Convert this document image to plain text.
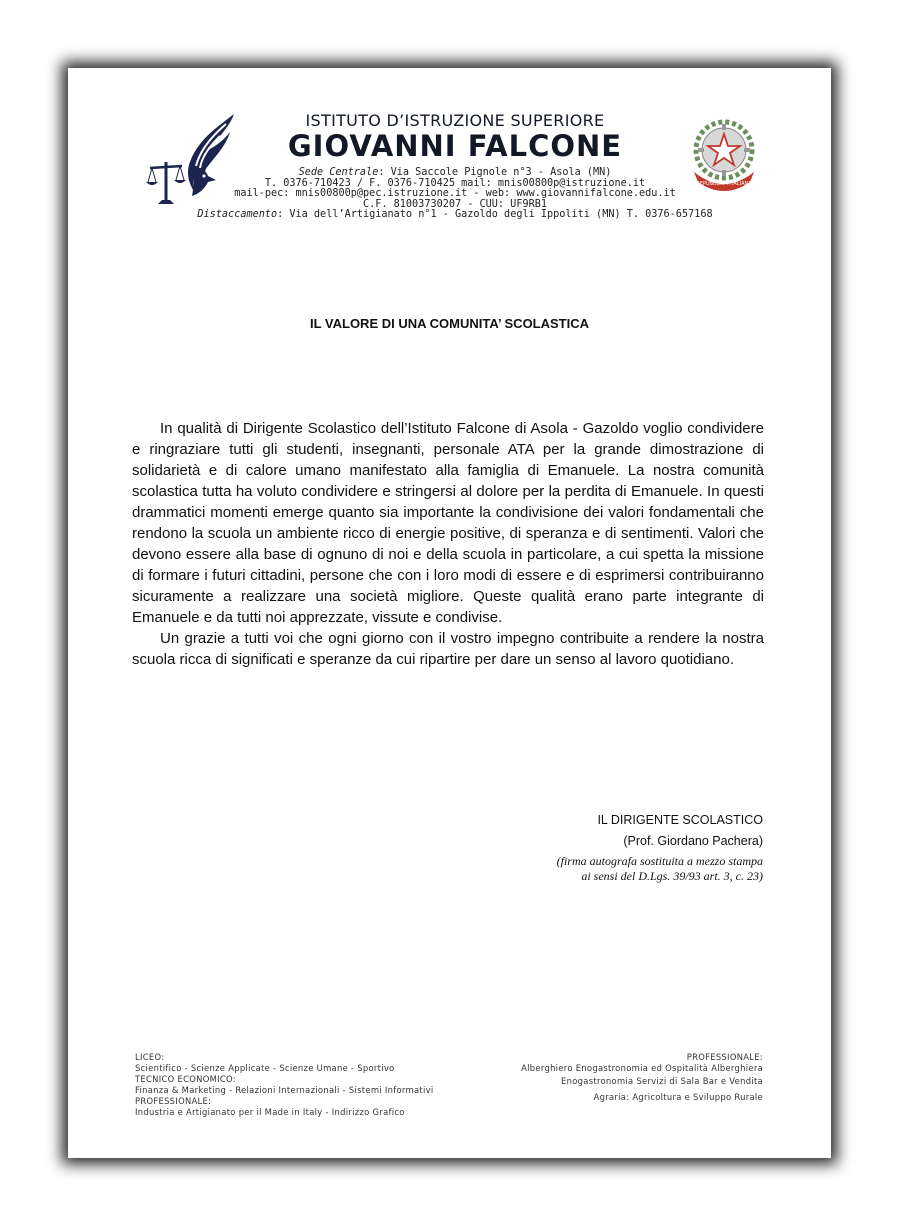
ISTITUTO D’ISTRUZIONE SUPERIORE
GIOVANNI FALCONE
Sede Centrale: Via Saccole Pignole n°3 - Asola (MN)
T. 0376-710423 / F. 0376-710425 mail: mnis00800p@istruzione.it
mail-pec: mnis00800p@pec.istruzione.it - web: www.giovannifalcone.edu.it
C.F. 81003730207 - CUU: UF9RB1
Distaccamento: Via dell’Artigianato n°1 - Gazoldo degli Ippoliti (MN) T. 0376-657168
REPUBBLICA ITALIANA
IL VALORE DI UNA COMUNITA’ SCOLASTICA

In qualità di Dirigente Scolastico dell’Istituto Falcone di Asola - Gazoldo voglio condividere e ringraziare tutti gli studenti, insegnanti, personale ATA per la grande dimostrazione di solidarietà e di calore umano manifestato alla famiglia di Emanuele. La nostra comunità scolastica tutta ha voluto condividere e stringersi al dolore per la perdita di Emanuele. In questi drammatici momenti emerge quanto sia importante la condivisione dei valori fondamentali che rendono la scuola un ambiente ricco di energie positive, di speranza e di sentimenti. Valori che devono essere alla base di ognuno di noi e della scuola in particolare, a cui spetta la missione di formare i futuri cittadini, persone che con i loro modi di essere e di esprimersi contribuiranno sicuramente a realizzare una società migliore. Queste qualità erano parte integrante di Emanuele e da tutti noi apprezzate, vissute e condivise.

Un grazie a tutti voi che ogni giorno con il vostro impegno contribuite a rendere la nostra scuola ricca di significati e speranze da cui ripartire per dare un senso al lavoro quotidiano.

IL DIRIGENTE SCOLASTICO
(Prof. Giordano Pachera)
(firma autografa sostituita a mezzo stampa
ai sensi del D.Lgs. 39/93 art. 3, c. 23)
LICEO:
Scientifico - Scienze Applicate - Scienze Umane - Sportivo
TECNICO ECONOMICO:
Finanza & Marketing - Relazioni Internazionali - Sistemi Informativi
PROFESSIONALE:
Industria e Artigianato per il Made in Italy - Indirizzo Grafico
PROFESSIONALE:
Alberghiero Enogastronomia ed Ospitalità Alberghiera
Enogastronomia Servizi di Sala Bar e Vendita
Agraria: Agricoltura e Sviluppo Rurale
